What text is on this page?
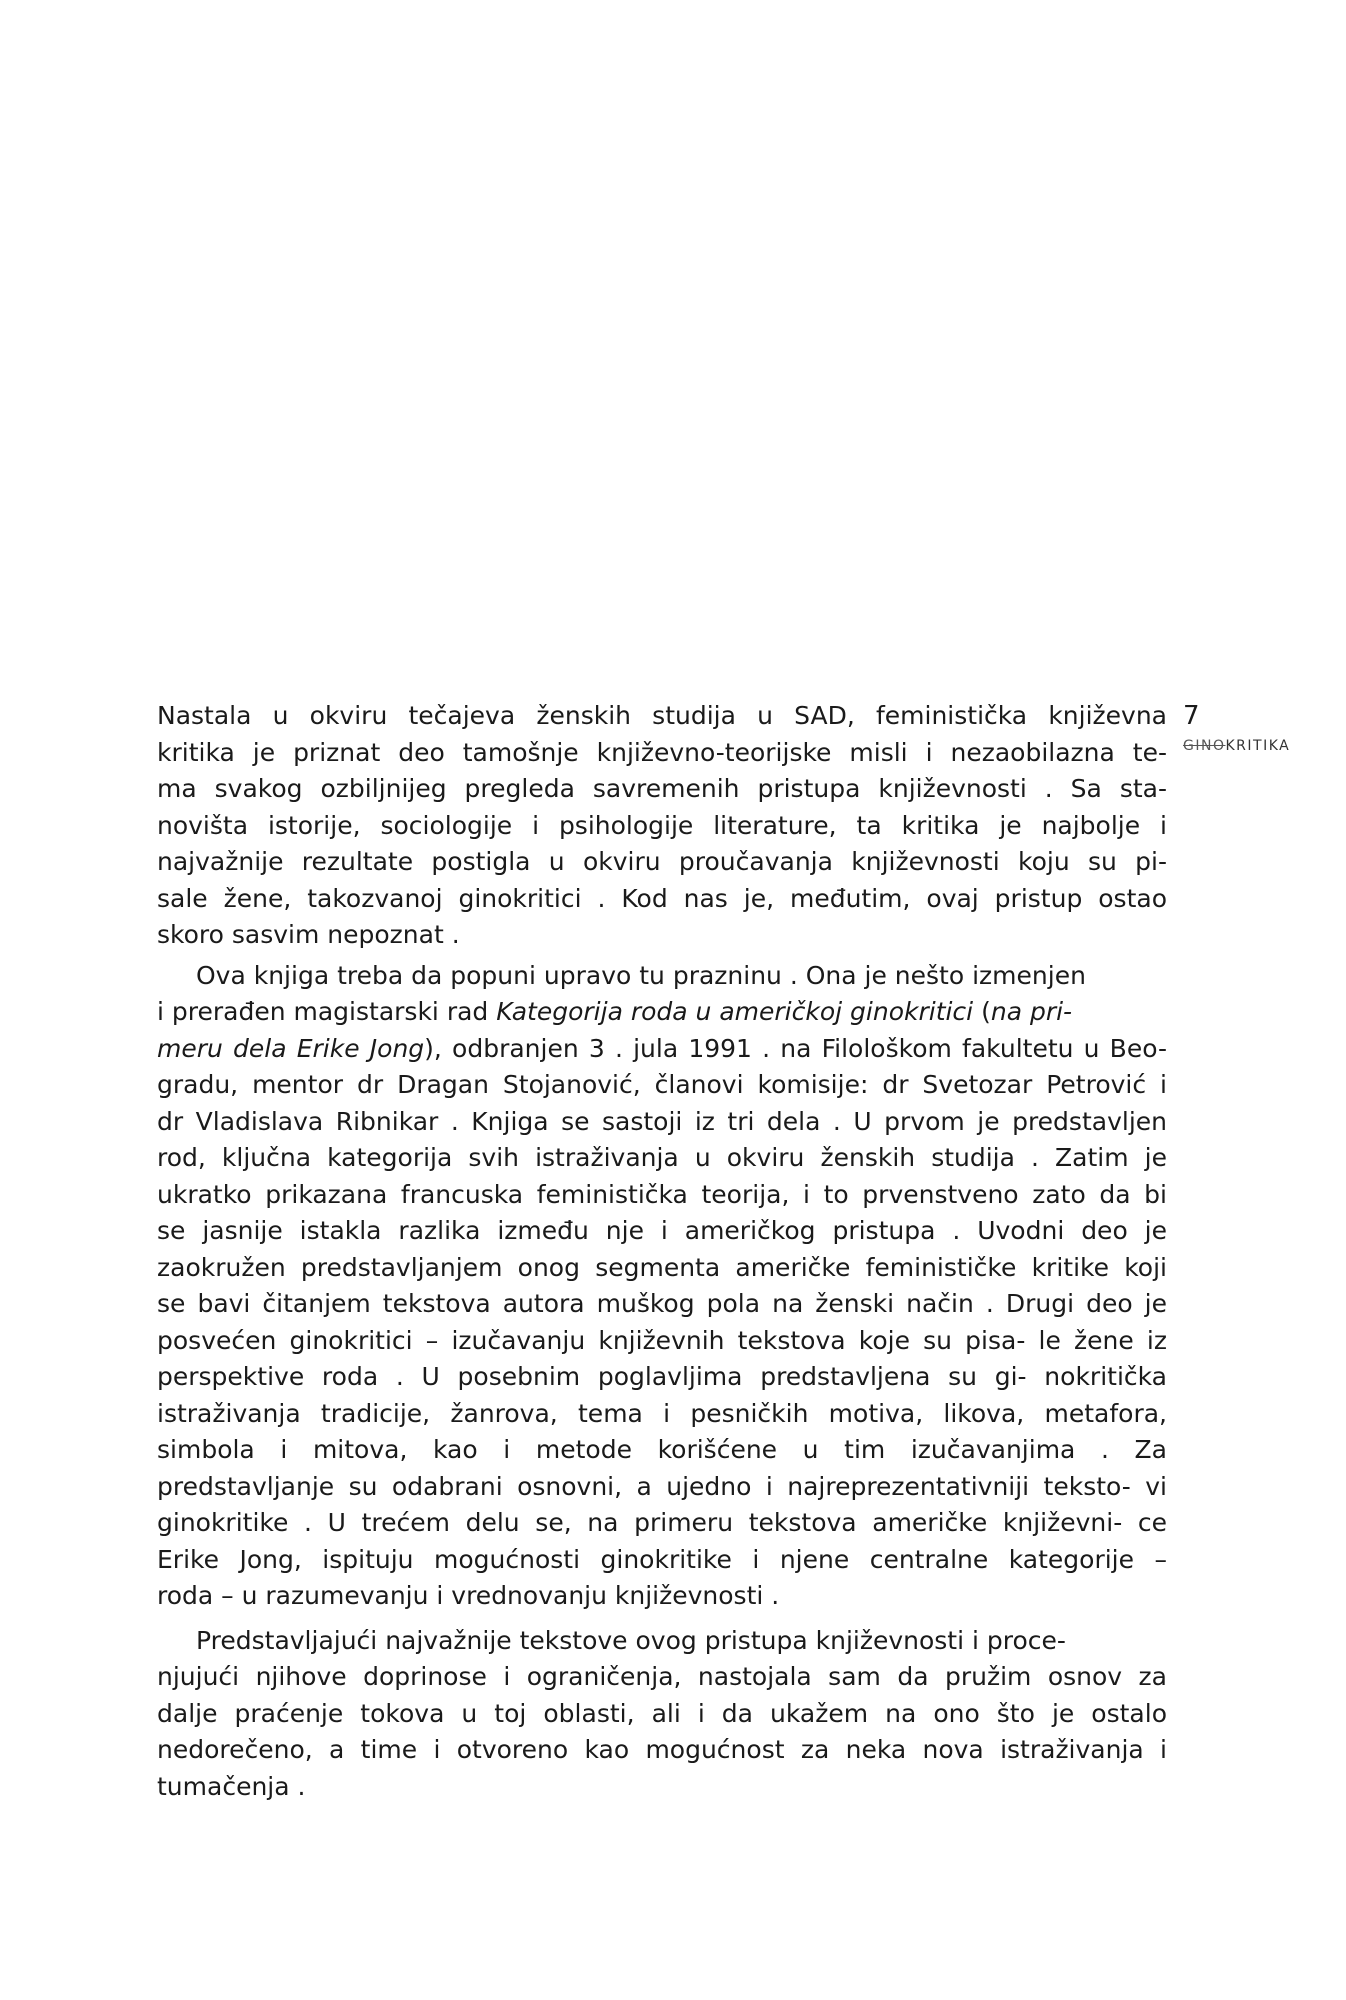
7
GINOKRITIKA
Nastala u okviru tečajeva ženskih studija u SAD, feministička književna
kritika je priznat deo tamošnje književno-teorijske misli i nezaobilazna te-
ma svakog ozbiljnijeg pregleda savremenih pristupa književnosti . Sa sta-
novišta istorije, sociologije i psihologije literature, ta kritika je najbolje i
najvažnije rezultate postigla u okviru proučavanja književnosti koju su pi-
sale žene, takozvanoj ginokritici . Kod nas je, međutim, ovaj pristup ostao
skoro sasvim nepoznat .
Ova knjiga treba da popuni upravo tu prazninu . Ona je nešto izmenjen
i prerađen magistarski rad Kategorija roda u američkoj ginokritici (na pri-
meru dela Erike Jong), odbranjen 3 . jula 1991 . na Filološkom fakultetu u Beo-
gradu, mentor dr Dragan Stojanović, članovi komisije: dr Svetozar Petrović i
dr Vladislava Ribnikar . Knjiga se sastoji iz tri dela . U prvom je predstavljen
rod, ključna kategorija svih istraživanja u okviru ženskih studija . Zatim je
ukratko prikazana francuska feministička teorija, i to prvenstveno zato da bi
se jasnije istakla razlika između nje i američkog pristupa . Uvodni deo je
zaokružen predstavljanjem onog segmenta američke feminističke kritike koji
se bavi čitanjem tekstova autora muškog pola na ženski način . Drugi deo je
posvećen ginokritici – izučavanju književnih tekstova koje su pisa- le žene iz
perspektive roda . U posebnim poglavljima predstavljena su gi- nokritička
istraživanja tradicije, žanrova, tema i pesničkih motiva, likova, metafora,
simbola i mitova, kao i metode korišćene u tim izučavanjima . Za
predstavljanje su odabrani osnovni, a ujedno i najreprezentativniji teksto- vi
ginokritike . U trećem delu se, na primeru tekstova američke književni- ce
Erike Jong, ispituju mogućnosti ginokritike i njene centralne kategorije –
roda – u razumevanju i vrednovanju književnosti .
Predstavljajući najvažnije tekstove ovog pristupa književnosti i proce-
njujući njihove doprinose i ograničenja, nastojala sam da pružim osnov za
dalje praćenje tokova u toj oblasti, ali i da ukažem na ono što je ostalo
nedorečeno, a time i otvoreno kao mogućnost za neka nova istraživanja i
tumačenja .
